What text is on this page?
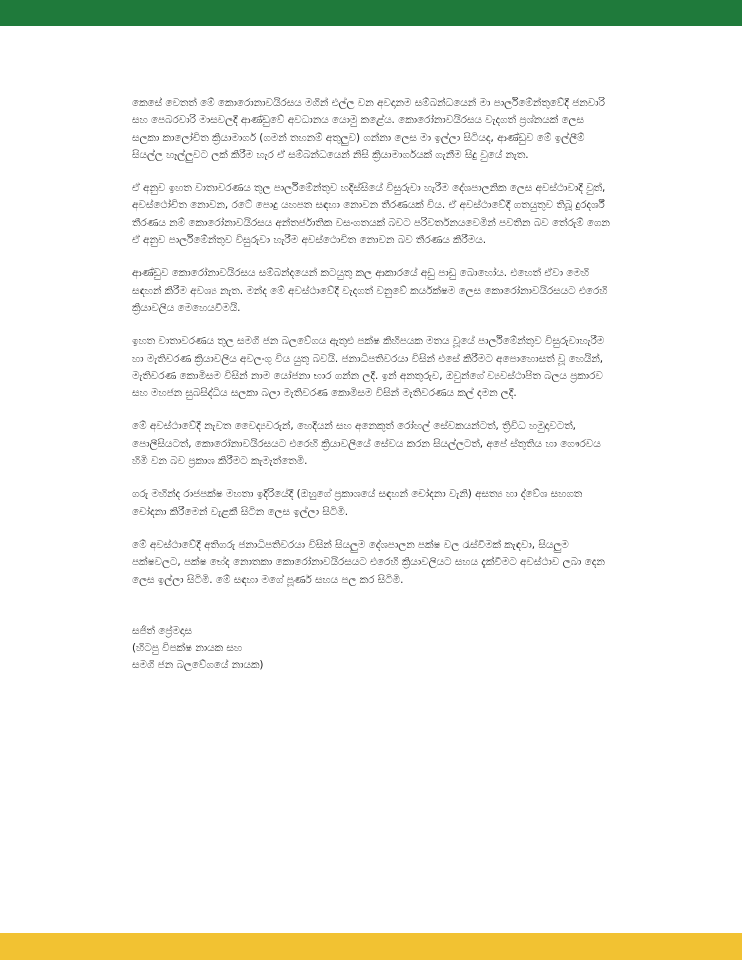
කෙසේ වෙතත් මේ කොරොනාවයිරසය මගින් එල්ල වන අවදානම සම්බන්ධයෙන් මා පාර්ලිමේන්තුවේදී ජනවාරි සහ පෙබරවාරි මාසවලදී ආණ්ඩුවේ අවධානය යොමු කළේය. කොරෝනාවයිරසය වැදගත් ප්‍රශ්නයක් ලෙස සලකා කාලෝචිත ක්‍රියාමාර්ග (ගමන් තහනම් අතුලුව) ගන්නා ලෙස මා ඉල්ලා සිටියද, ආණ්ඩුව මේ ඉල්ලීම් සියල්ල හෑල්ලුවට ලක් කිරීම හැර ඒ සම්බන්ධයෙන් නිසි ක්‍රියාමාර්ගයක් ගැනීම සිදු වුයේ නැත.

ඒ අනුව ඉහත වාතාවරණය තුල පාර්ලිමේන්තුව හදිස්සියේ විසුරුවා හැරීම දේශපාලනික ලෙස අවස්ථාවාදී වුත්, අවස්ථෝචිත නොවන, රටේ පොදු යහපත සඳහා නොවන තීරණයක් විය. ඒ අවස්ථාවේදී ගතයුතුව තිබූ දුරදර්ශී තීරණය නම් කොරෝනාවයිරසය අන්තර්ජාතික වසංගතයක් බවට පරිවර්තනයවෙමින් පවතින බව තේරුම් ගෙන ඒ අනුව පාර්ලිමේන්තුව විසුරුවා හැරීම අවස්ථොචිත නොවන බව තීරණය කිරීමය.

ආණ්ඩුව කොරෝනාවයිරසය සම්බන්දයෙන් කටයුතු කල ආකාරයේ අඩු පාඩු බොහෝය. එහෙත් ඒවා මෙහි සඳහන් කිරීම අවශ්‍ය නැත. මන්ද මේ අවස්ථාවේදී වැදගත් වනුවේ කර්යක්ෂම ලෙස කොරෝනාවයිරසයට එරෙහි ක්‍රියාවලිය මෙහෙයවීමයි.

ඉහත වාතාවරණය තුල සමගි ජන බලවේගය ඇතුළු පක්ෂ කිහිපයක මතය වූයේ පාර්ලිමේන්තුව විසුරුවාහැරීම හා මැතිවරණ ක්‍රියාවලිය අවලංගු විය යුතු බවයි. ජනාධිපතිවරයා විසින් එසේ කිරීමට අපොහොසත් වූ හෙයින්, මැතිවරණ කොමිසම විසින් නාම යෝජනා භාර ගන්න ලදී. ඉන් අනතුරුව, ඔවුන්ගේ ව්‍යවස්ථාපිත බලය ප්‍රකාරව සහ මහජන සුබසිද්ධිය සලකා බලා මැතිවරණ කොමිසම විසින් මැතිවරණය කල් දමන ලදී.

මේ අවස්ථාවේදී නැවත වෛද්‍යවරුන්, හෙදියන් සහ අනෙකුත් රෝහල් සේවකයන්ටත්, ත්‍රිවිධ හමුදාවටත්, පොලීසියටත්, කොරෝනාවයිරසයට එරෙහි ක්‍රියාවලියේ සේවය කරන සියල්ලටත්, අපේ ස්තුතිය හා ගෞරවය හිමි වන බව ප්‍රකාශ කිරීමට කැමැත්තෙමි.

ගරු මහින්ද රාජපක්ෂ මහතා ඉදිරියේදී (ඔහුගේ ප්‍රකාශයේ සඳහන් චෝදනා වැනි) අසත්‍ය හා ද්වේශ සහගත චෝදනා කිරීමෙන් වැළකී සිටින ලෙස ඉල්ලා සිටිමි.

මේ අවස්ථාවේදී අතිගරු ජනාධිපතිවරයා විසින් සියලුම දේශපාලන පක්ෂ වල රැස්වීමක් කැඳවා, සියලුම පක්ෂවලට, පක්ෂ භේද නොතකා කොරෝනාවයිරසයට එරෙහි ක්‍රියාවලියට සහය දැක්වීමට අවස්ථාව ලබා දෙන ලෙස ඉල්ලා සිටිමි. මේ සඳහා මගේ පූර්ණ සහය පල කර සිටිමි.

සජිත් ප්‍රේමදාස
(හිටපු විපක්ෂ නායක සහ
සමගි ජන බලවේගයේ නායක)
